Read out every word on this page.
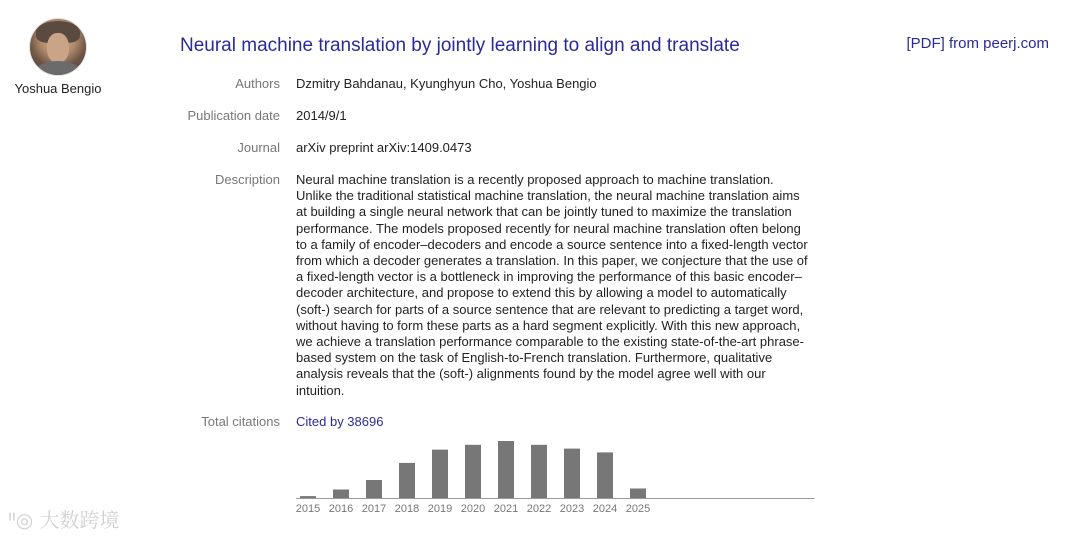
Yoshua Bengio
Neural machine translation by jointly learning to align and translate	[PDF] from peerj.com
Authors Dzmitry Bahdanau, Kyunghyun Cho, Yoshua Bengio
Publication date 2014/9/1
Journal arXiv preprint arXiv:1409.0473
Description Neural machine translation is a recently proposed approach to machine translation. Unlike the traditional statistical machine translation, the neural machine translation aims at building a single neural network that can be jointly tuned to maximize the translation performance. The models proposed recently for neural machine translation often belong to a family of encoder–decoders and encode a source sentence into a fixed-length vector from which a decoder generates a translation. In this paper, we conjecture that the use of a fixed-length vector is a bottleneck in improving the performance of this basic encoder–decoder architecture, and propose to extend this by allowing a model to automatically (soft-) search for parts of a source sentence that are relevant to predicting a target word, without having to form these parts as a hard segment explicitly. With this new approach, we achieve a translation performance comparable to the existing state-of-the-art phrase-based system on the task of English-to-French translation. Furthermore, qualitative analysis reveals that the (soft-) alignments found by the model agree well with our intuition.
Total citations Cited by 38696
2015 2016 2017 2018 2019 2020 2021 2022 2023 2024 2025
ᐦ◎ 大数跨境
